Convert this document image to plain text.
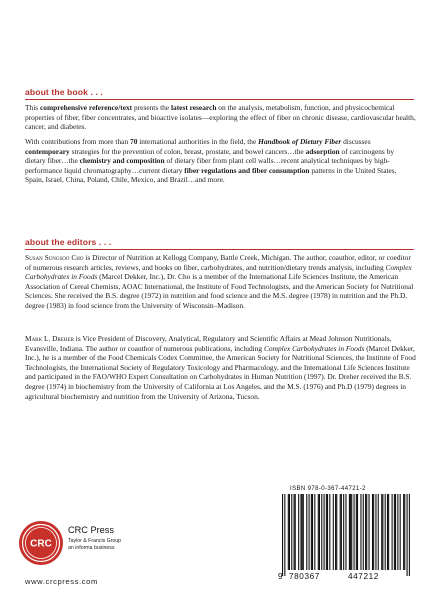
about the book . . .

This comprehensive reference/text presents the latest research on the analysis, metabolism, function, and physicochemical properties of fiber, fiber concentrates, and bioactive isolates—exploring the effect of fiber on chronic disease, cardiovascular health, cancer, and diabetes.

With contributions from more than 70 international authorities in the field, the Handbook of Dietary Fiber discusses contemporary strategies for the prevention of colon, breast, prostate, and bowel cancers…the adsorption of carcinogens by dietary fiber…the chemistry and composition of dietary fiber from plant cell walls…recent analytical techniques by high-performance liquid chromatography…current dietary fiber regulations and fiber consumption patterns in the United States, Spain, Israel, China, Poland, Chile, Mexico, and Brazil…and more.

about the editors . . .

Susan Sungsoo Cho is Director of Nutrition at Kellogg Company, Battle Creek, Michigan. The author, coauthor, editor, or coeditor of numerous research articles, reviews, and books on fiber, carbohydrates, and nutrition/dietary trends analysis, including Complex Carbohydrates in Foods (Marcel Dekker, Inc.), Dr. Cho is a member of the International Life Sciences Institute, the American Association of Cereal Chemists, AOAC International, the Institute of Food Technologists, and the American Society for Nutritional Sciences. She received the B.S. degree (1972) in nutrition and food science and the M.S. degree (1978) in nutrition and the Ph.D. degree (1983) in food science from the University of Wisconsin–Madison.

Mark L. Dreher is Vice President of Discovery, Analytical, Regulatory and Scientific Affairs at Mead Johnson Nutritionals, Evansville, Indiana. The author or coauthor of numerous publications, including Complex Carbohydrates in Foods (Marcel Dekker, Inc.), he is a member of the Food Chemicals Codex Committee, the American Society for Nutritional Sciences, the Institute of Food Technologists, the International Society of Regulatory Toxicology and Pharmacology, and the International Life Sciences Institute and participated in the FAO/WHO Expert Consultation on Carbohydrates in Human Nutrition (1997). Dr. Dreher received the B.S. degree (1974) in biochemistry from the University of California at Los Angeles, and the M.S. (1976) and Ph.D (1979) degrees in agricultural biochemistry and nutrition from the University of Arizona, Tucson.

ISBN 978-0-367-44721-2
9 780367	447212
CRC
CRC Press
Taylor & Francis Group
an informa business
www.crcpress.com
